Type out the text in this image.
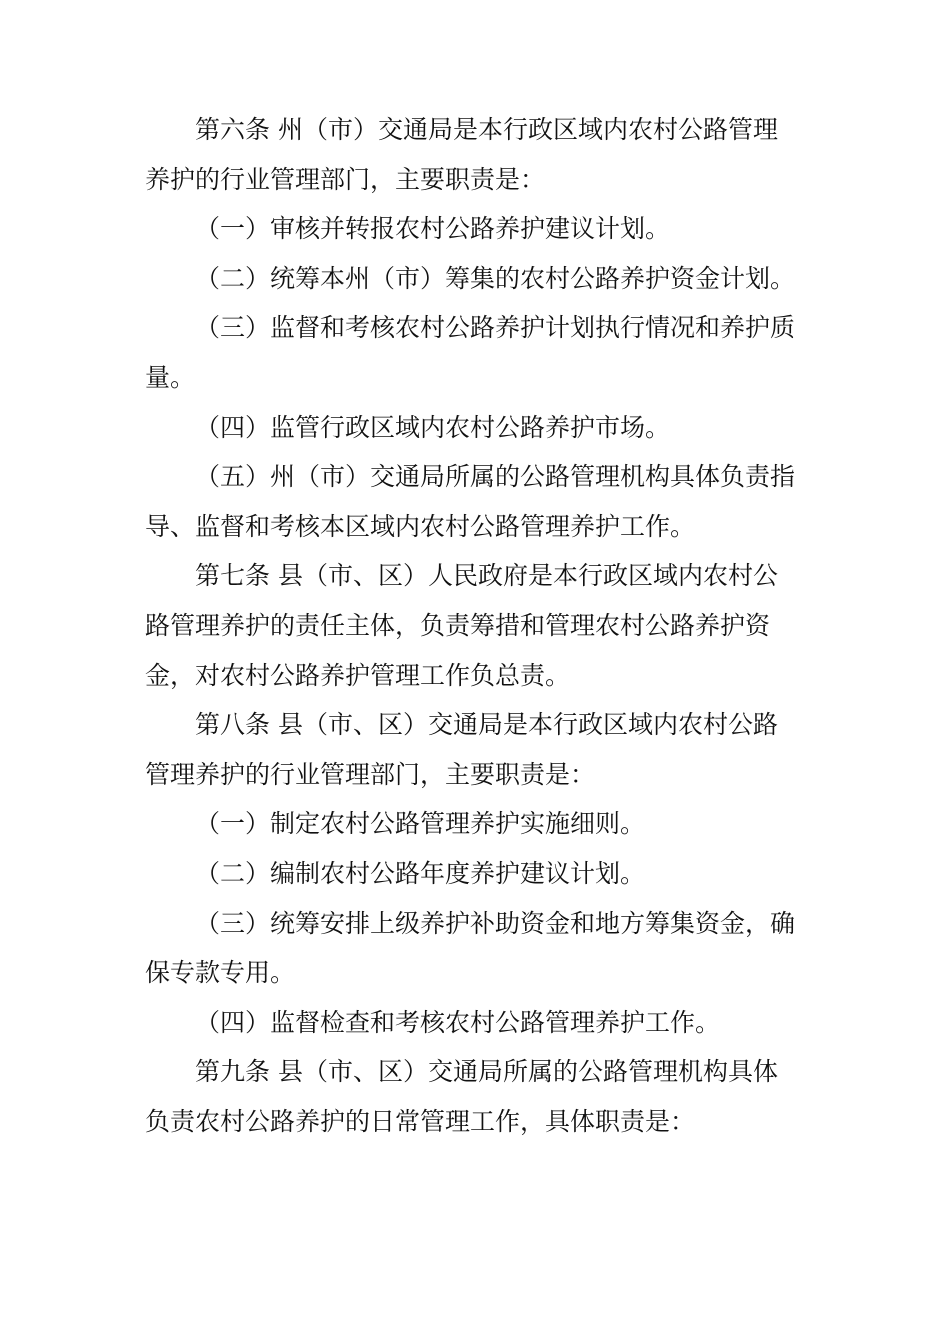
第六条 州（市）交通局是本行政区域内农村公路管理
养护的行业管理部门，主要职责是：
（一）审核并转报农村公路养护建议计划。
（二）统筹本州（市）筹集的农村公路养护资金计划。
（三）监督和考核农村公路养护计划执行情况和养护质
量。
（四）监管行政区域内农村公路养护市场。
（五）州（市）交通局所属的公路管理机构具体负责指
导、监督和考核本区域内农村公路管理养护工作。
第七条 县（市、区）人民政府是本行政区域内农村公
路管理养护的责任主体，负责筹措和管理农村公路养护资
金，对农村公路养护管理工作负总责。
第八条 县（市、区）交通局是本行政区域内农村公路
管理养护的行业管理部门，主要职责是：
（一）制定农村公路管理养护实施细则。
（二）编制农村公路年度养护建议计划。
（三）统筹安排上级养护补助资金和地方筹集资金，确
保专款专用。
（四）监督检查和考核农村公路管理养护工作。
第九条 县（市、区）交通局所属的公路管理机构具体
负责农村公路养护的日常管理工作，具体职责是：
